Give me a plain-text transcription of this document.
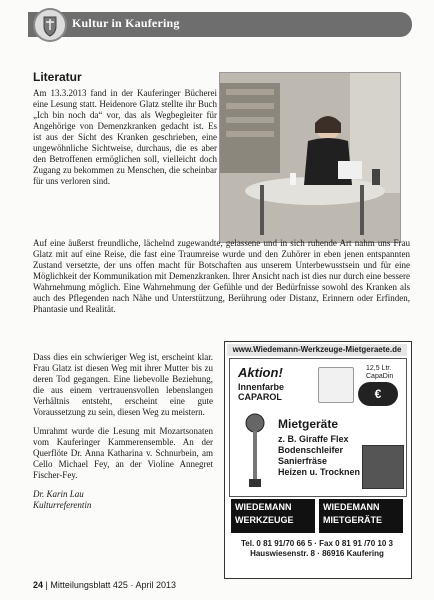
Kultur in Kaufering
Literatur
Am 13.3.2013 fand in der Kauferinger Bücherei eine Lesung statt. Heidenore Glatz stellte ihr Buch „Ich bin noch da“ vor, das als Wegbegleiter für Angehörige von Demenzkranken gedacht ist. Es ist aus der Sicht des Kranken geschrieben, eine ungewöhnliche Sichtweise, durchaus, die es aber den Betroffenen ermöglichen soll, vielleicht doch Zugang zu bekommen zu Menschen, die scheinbar für uns verloren sind.
Auf eine äußerst freundliche, lächelnd zugewandte, gelassene und in sich ruhende Art nahm uns Frau Glatz mit auf eine Reise, die fast eine Traumreise wurde und den Zuhörer in eben jenen entspannten Zustand versetzte, der uns offen macht für Botschaften aus unserem Unterbewusstsein und für eine Möglichkeit der Kommunikation mit Demenzkranken. Ihrer Ansicht nach ist dies nur durch eine bessere Wahrnehmung möglich. Eine Wahrnehmung der Gefühle und der Bedürfnisse sowohl des Kranken als auch des Pflegenden nach Nähe und Unterstützung, Berührung oder Distanz, Erinnern oder Erfinden, Phantasie und Realität.

Dass dies ein schwieriger Weg ist, erscheint klar. Frau Glatz ist diesen Weg mit ihrer Mutter bis zu deren Tod gegangen. Eine liebevolle Beziehung, die aus einem vertrauensvollen lebenslangen Verhältnis entsteht, erscheint eine gute Voraussetzung zu sein, diesen Weg zu meistern.

Umrahmt wurde die Lesung mit Mozartsonaten vom Kauferinger Kammerensemble. An der Querflöte Dr. Anna Katharina v. Schnurbein, am Cello Michael Fey, an der Violine Annegret Fischer-Fey.

Dr. Karin Lau
Kulturreferentin
www.Wiedemann-Werkzeuge-Mietgeraete.de
Aktion!
Innenfarbe
CAPAROL
12,5 Ltr.
CapaDin
€ 27,95
Mietgeräte
z. B. Giraffe Flex
Bodenschleifer
Sanierfräse
Heizen u. Trocknen
WIEDEMANN
WERKZEUGE
WIEDEMANN
MIETGERÄTE
Tel. 0 81 91/70 66 5 · Fax 0 81 91 /70 10 3
Hauswiesenstr. 8 · 86916 Kaufering
24 | Mitteilungsblatt 425 · April 2013
